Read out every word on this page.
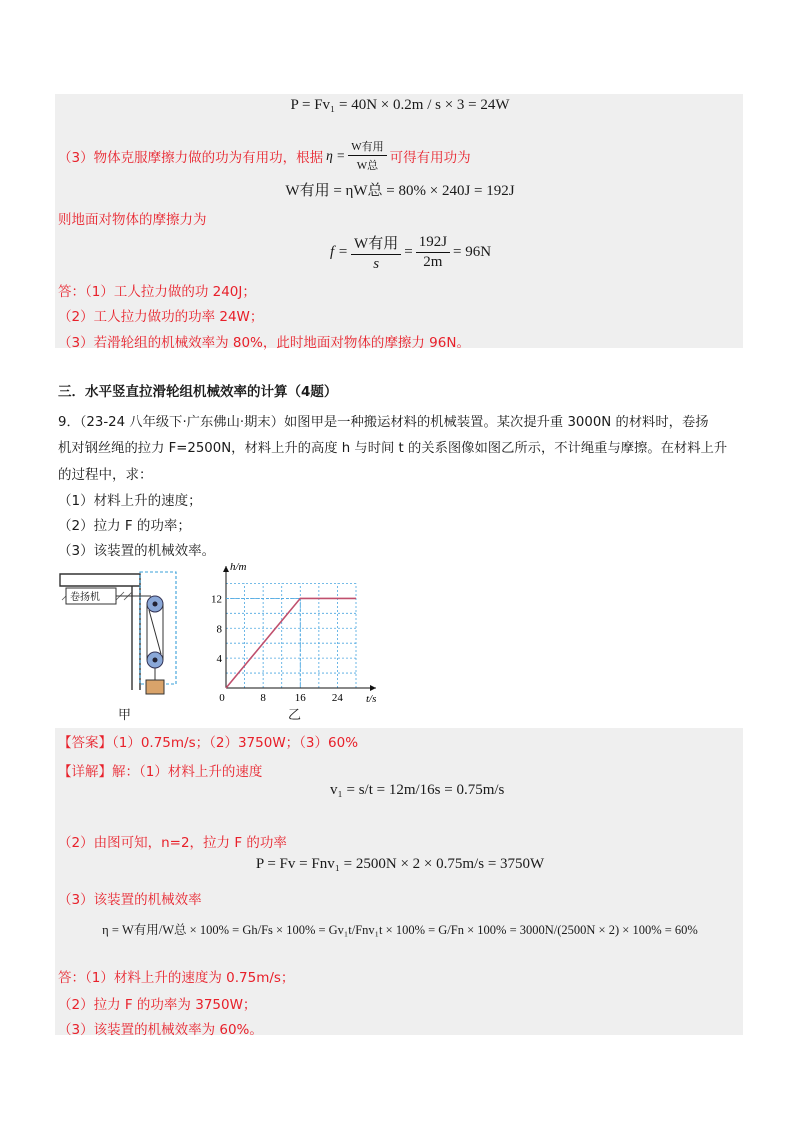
P = Fv₁ = 40N × 0.2m / s × 3 = 24W
（3）物体克服摩擦力做的功为有用功，根据 $\eta = \frac{\text{W有用}}{\text{W总}}$ 可得有用功为
W有用 = ηW总 = 80% × 240J = 192J
则地面对物体的摩擦力为
$f = \frac{\text{W有用}}{s} = \frac{192J}{2m} = 96N$
答：（1）工人拉力做的功 240J；
（2）工人拉力做功的功率 24W；
（3）若滑轮组的机械效率为 80%，此时地面对物体的摩擦力 96N。
三．水平竖直拉滑轮组机械效率的计算（4题）
9．（23-24 八年级下·广东佛山·期末）如图甲是一种搬运材料的机械装置。某次提升重 3000N 的材料时，卷扬
机对钢丝绳的拉力 F=2500N，材料上升的高度 h 与时间 t 的关系图像如图乙所示，不计绳重与摩擦。在材料上升
的过程中，求：
（1）材料上升的速度；
（2）拉力 F 的功率；
（3）该装置的机械效率。
卷扬机
甲
0	8	16 24
4
8
12
h/m
t/s
乙
【答案】（1）0.75m/s；（2）3750W；（3）60%
【详解】解：（1）材料上升的速度
v₁ = s/t = 12m/16s = 0.75m/s
（2）由图可知，n=2，拉力 F 的功率
P = Fv = Fnv₁ = 2500N × 2 × 0.75m/s = 3750W
（3）该装置的机械效率
η = W有用/W总 × 100% = Gh/Fs × 100% = Gv₁t/Fnv₁t × 100% = G/Fn × 100% = 3000N/(2500N × 2) × 100% = 60%
答：（1）材料上升的速度为 0.75m/s；
（2）拉力 F 的功率为 3750W；
（3）该装置的机械效率为 60%。
